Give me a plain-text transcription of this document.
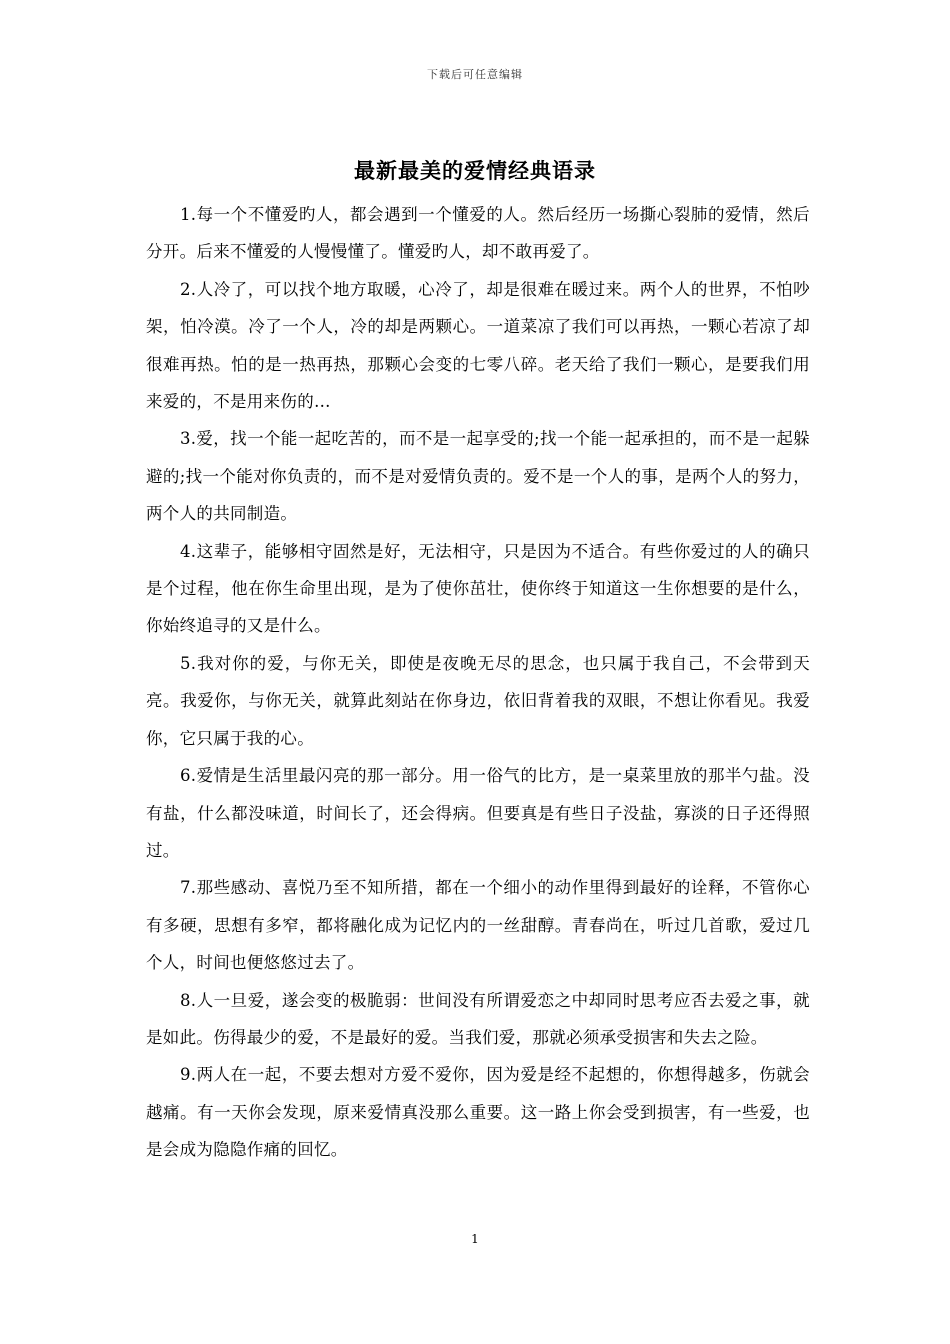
下载后可任意编辑
最新最美的爱情经典语录

1.每一个不懂爱旳人，都会遇到一个懂爱的人。然后经历一场撕心裂肺的爱情，然后分开。后来不懂爱的人慢慢懂了。懂爱旳人，却不敢再爱了。

2.人冷了，可以找个地方取暖，心冷了，却是很难在暖过来。两个人的世界，不怕吵架，怕冷漠。冷了一个人，冷的却是两颗心。一道菜凉了我们可以再热，一颗心若凉了却很难再热。怕的是一热再热，那颗心会变的七零八碎。老天给了我们一颗心，是要我们用来爱的，不是用来伤的…

3.爱，找一个能一起吃苦的，而不是一起享受的;找一个能一起承担的，而不是一起躲避的;找一个能对你负责的，而不是对爱情负责的。爱不是一个人的事，是两个人的努力，两个人的共同制造。

4.这辈子，能够相守固然是好，无法相守，只是因为不适合。有些你爱过的人的确只是个过程，他在你生命里出现，是为了使你茁壮，使你终于知道这一生你想要的是什么，你始终追寻的又是什么。

5.我对你的爱，与你无关，即使是夜晚无尽的思念，也只属于我自己，不会带到天亮。我爱你，与你无关，就算此刻站在你身边，依旧背着我的双眼，不想让你看见。我爱你，它只属于我的心。

6.爱情是生活里最闪亮的那一部分。用一俗气的比方，是一桌菜里放的那半勺盐。没有盐，什么都没味道，时间长了，还会得病。但要真是有些日子没盐，寡淡的日子还得照过。

7.那些感动、喜悦乃至不知所措，都在一个细小的动作里得到最好的诠释，不管你心有多硬，思想有多窄，都将融化成为记忆内的一丝甜醇。青春尚在，听过几首歌，爱过几个人，时间也便悠悠过去了。

8.人一旦爱，遂会变的极脆弱：世间没有所谓爱恋之中却同时思考应否去爱之事，就是如此。伤得最少的爱，不是最好的爱。当我们爱，那就必须承受损害和失去之险。

9.两人在一起，不要去想对方爱不爱你，因为爱是经不起想的，你想得越多，伤就会越痛。有一天你会发现，原来爱情真没那么重要。这一路上你会受到损害，有一些爱，也是会成为隐隐作痛的回忆。

1
